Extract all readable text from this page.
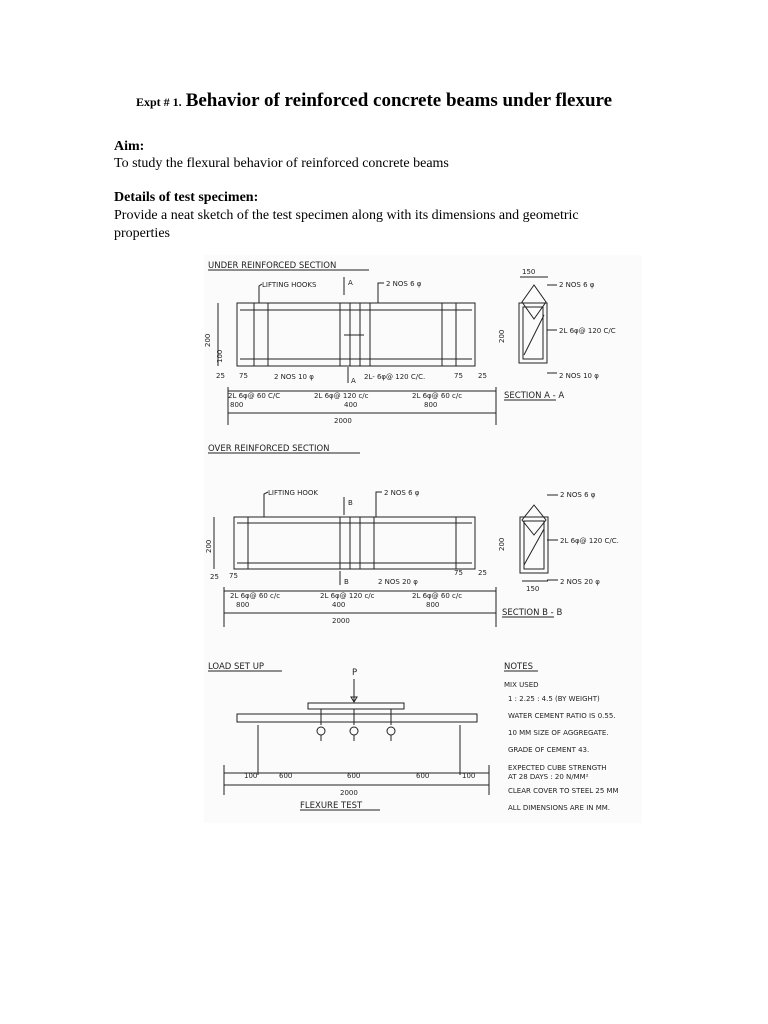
Expt # 1. Behavior of reinforced concrete beams under flexure
Aim:
To study the flexural behavior of reinforced concrete beams
Details of test specimen:
Provide a neat sketch of the test specimen along with its dimensions and geometric properties
UNDER REINFORCED SECTION
LIFTING HOOKS	A	2 NOS 6 φ
200
100
25 75	2 NOS 10 φ	A 2L- 6φ@ 120 C/C.	75 25
2L 6φ@ 60 C/C	2L 6φ@ 120 c/c	2L 6φ@ 60 c/c
800	400	800
2000
150
2 NOS 6 φ
2L 6φ@ 120 C/C
2 NOS 10 φ
200
SECTION A - A
OVER REINFORCED SECTION
LIFTING HOOK
B
2 NOS 6 φ
200
25 75
B	2 NOS 20 φ
75 25
2L 6φ@ 60 c/c	2L 6φ@ 120 c/c	2L 6φ@ 60 c/c
800	400	800
2000
2 NOS 6 φ
2L 6φ@ 120 C/C.
2 NOS 20 φ
200
150
SECTION B - B
LOAD SET UP
P
100	600	600	600	100
2000
FLEXURE TEST
NOTES
MIX USED
1 : 2.25 : 4.5 (BY WEIGHT)
WATER CEMENT RATIO IS 0.55.
10 MM SIZE OF AGGREGATE.
GRADE OF CEMENT 43.
EXPECTED CUBE STRENGTH
AT 28 DAYS : 20 N/MM²
CLEAR COVER TO STEEL 25 MM
ALL DIMENSIONS ARE IN MM.
